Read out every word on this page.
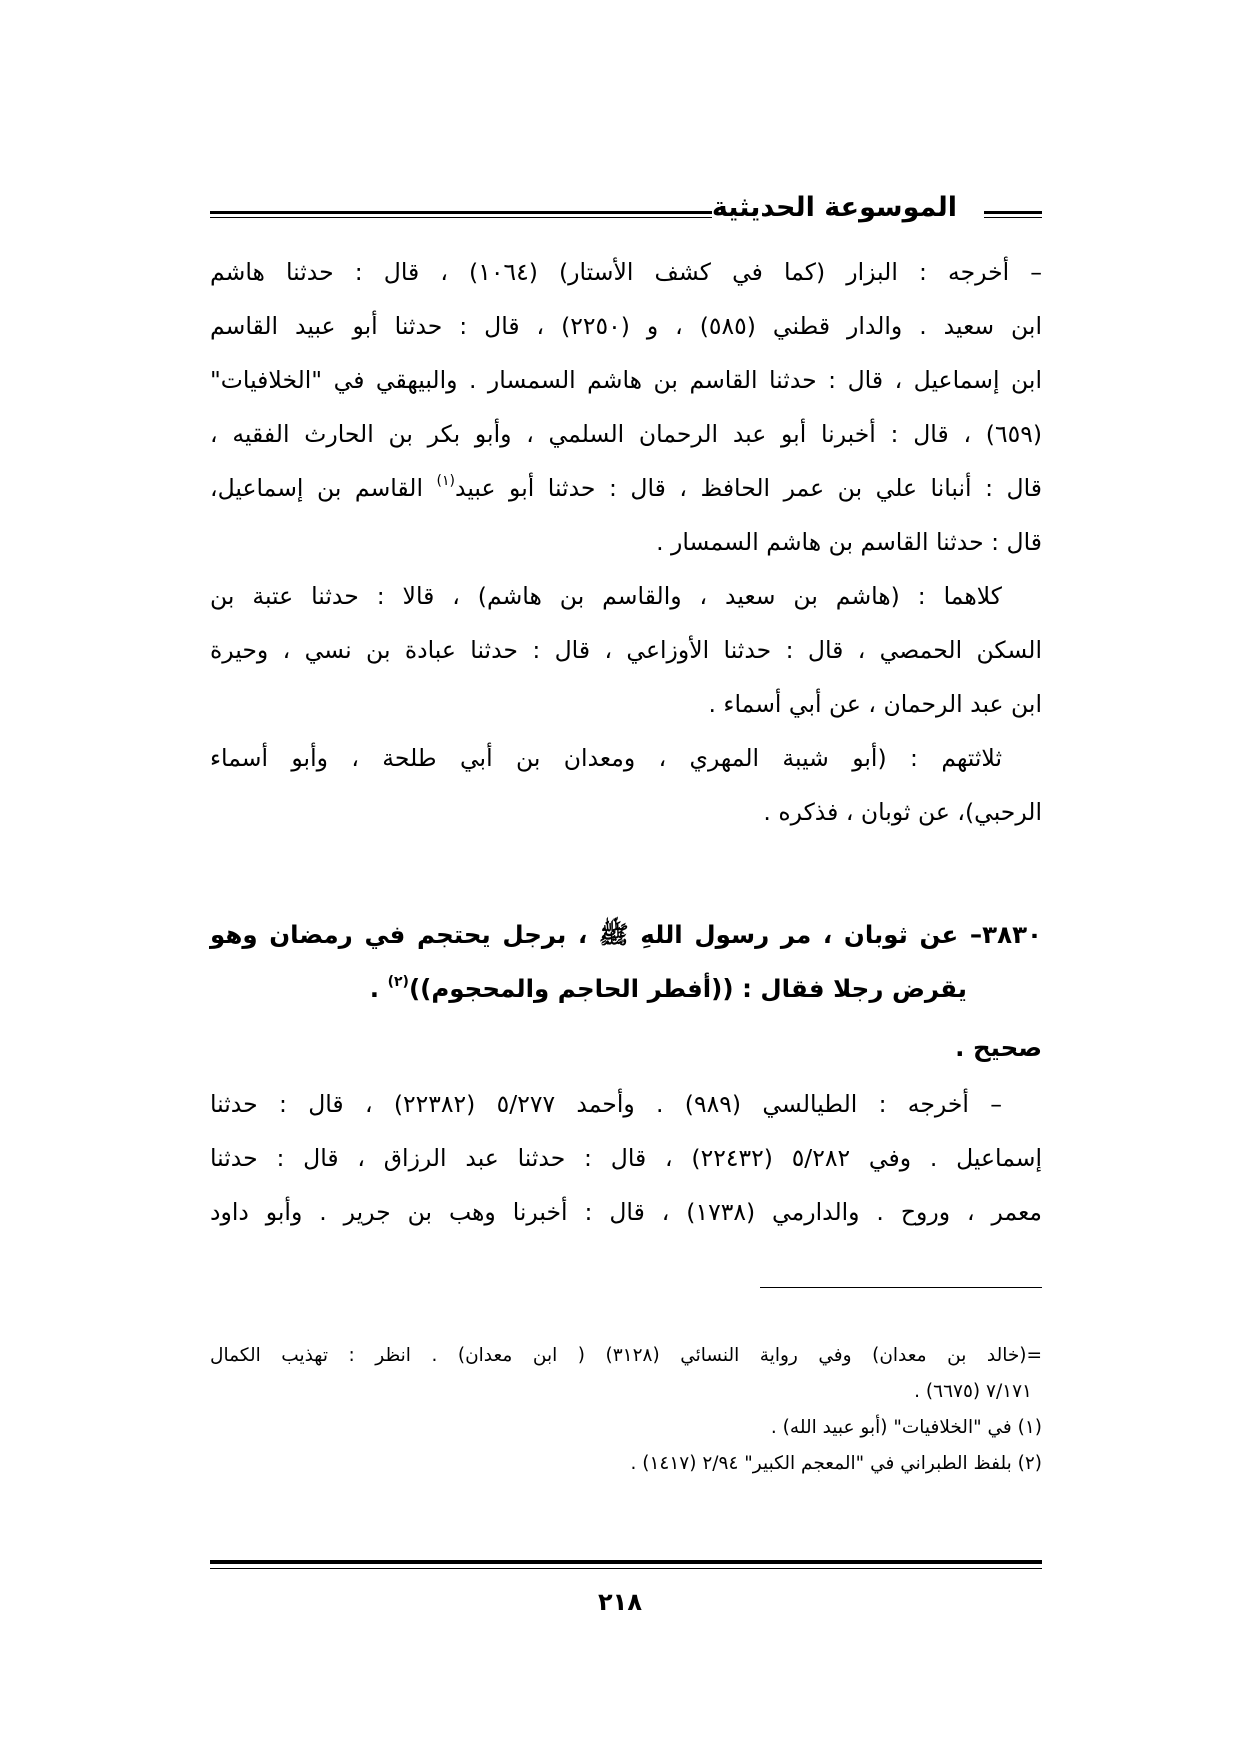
الموسوعة الحديثية
– أخرجه : البزار (كما في كشف الأستار) (١٠٦٤) ، قال : حدثنا هاشم
ابن سعيد . والدار قطني (٥٨٥) ، و (٢٢٥٠) ، قال : حدثنا أبو عبيد القاسم
ابن إسماعيل ، قال : حدثنا القاسم بن هاشم السمسار . والبيهقي في "الخلافيات"
(٦٥٩) ، قال : أخبرنا أبو عبد الرحمان السلمي ، وأبو بكر بن الحارث الفقيه ،
قال : أنبانا علي بن عمر الحافظ ، قال : حدثنا أبو عبيد$^{(١)}$ القاسم بن إسماعيل،
قال : حدثنا القاسم بن هاشم السمسار .
كلاهما : (هاشم بن سعيد ، والقاسم بن هاشم) ، قالا : حدثنا عتبة بن
السكن الحمصي ، قال : حدثنا الأوزاعي ، قال : حدثنا عبادة بن نسي ، وحيرة
ابن عبد الرحمان ، عن أبي أسماء .
ثلاثتهم : (أبو شيبة المهري ، ومعدان بن أبي طلحة ، وأبو أسماء
الرحبي)، عن ثوبان ، فذكره .
٣٨٣٠– عن ثوبان ، مر رسول اللهِ ﷺ ، برجل يحتجم في رمضان وهو
يقرض رجلا فقال : ((أفطر الحاجم والمحجوم))$^{(٢)}$ .
صحيح .
– أخرجه : الطيالسي (٩٨٩) . وأحمد ٥/٢٧٧ (٢٢٣٨٢) ، قال : حدثنا
إسماعيل . وفي ٥/٢٨٢ (٢٢٤٣٢) ، قال : حدثنا عبد الرزاق ، قال : حدثنا
معمر ، وروح . والدارمي (١٧٣٨) ، قال : أخبرنا وهب بن جرير . وأبو داود
=(خالد بن معدان) وفي رواية النسائي (٣١٢٨) ( ابن معدان) . انظر : تهذيب الكمال
٧/١٧١ (٦٦٧٥) .
(١) في "الخلافيات" (أبو عبيد الله) .
(٢) بلفظ الطبراني في "المعجم الكبير" ٢/٩٤ (١٤١٧) .
٢١٨
